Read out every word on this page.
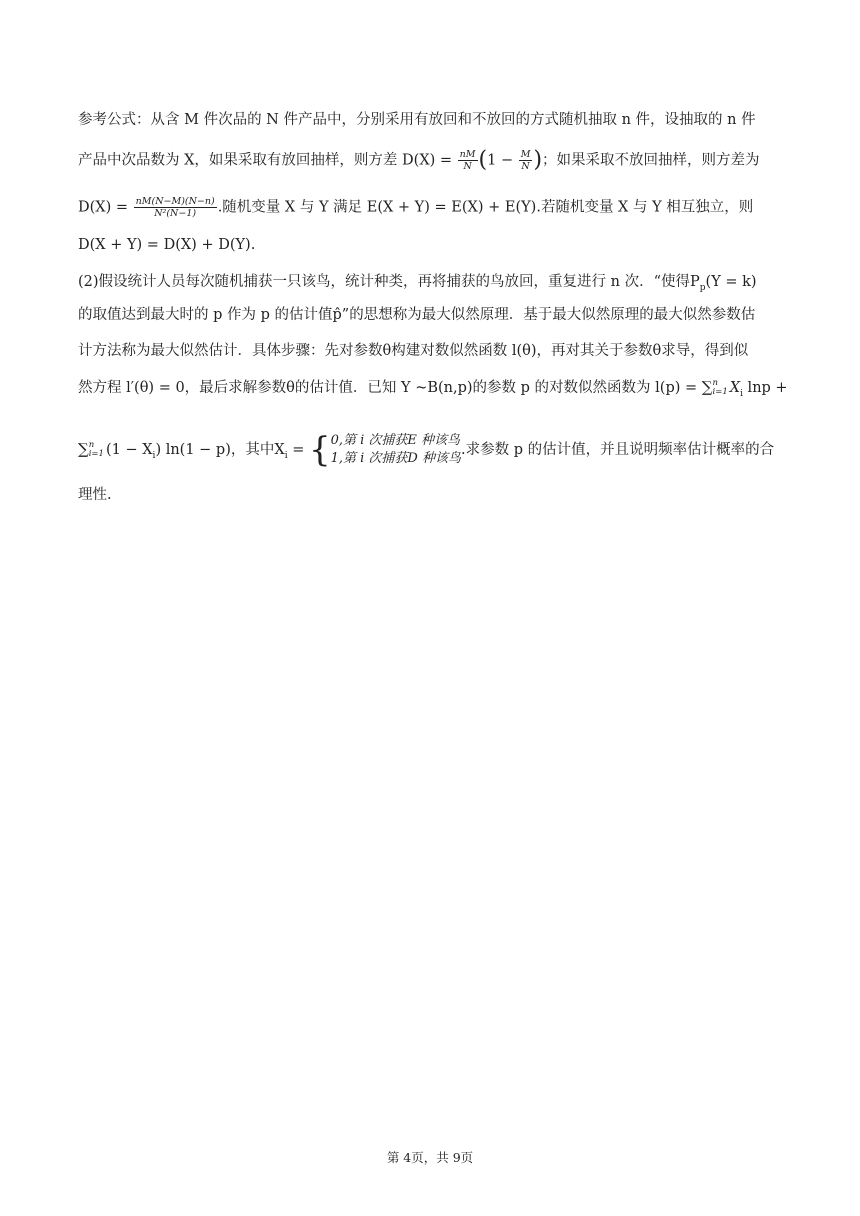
参考公式：从含 M 件次品的 N 件产品中，分别采用有放回和不放回的方式随机抽取 n 件，设抽取的 n 件
产品中次品数为 X，如果采取有放回抽样，则方差 $D(X) = \frac{nM}{N} (1 - \frac{M}{N}$ )；如果采取不放回抽样，则方差为
$D(X) = \frac{nM(N-M)(N-n)}{\text{N²(N−1)}}$ .随机变量 X 与 Y 满足 E(X + Y) = E(X) + E(Y).若随机变量 X 与 Y 相互独立，则
D(X + Y) = D(X) + D(Y).
(2)假设统计人员每次随机捕获一只该鸟，统计种类，再将捕获的鸟放回，重复进行 n 次．“使得$P_p(Y = k)$
的取值达到最大时的 p 作为 p 的估计值p̂”的思想称为最大似然原理．基于最大似然原理的最大似然参数估
计方法称为最大似然估计．具体步骤：先对参数θ构建对数似然函数 l(θ)，再对其关于参数θ求导，得到似
然方程 l′(θ) = 0，最后求解参数θ的估计值．已知 Y ~B(n,p)的参数 p 的对数似然函数为 l(p) = ∑ n
i=1 $X_i$ lnp +
∑ n
i=1 $(1 - X_i)$ ln(1 − p)，其中$X_i$ = { 0,第 i 次捕获E 种该鸟
1,第 i 次捕获D 种该鸟
.求参数 p 的估计值，并且说明频率估计概率的合
理性.
第 4页，共 9页
